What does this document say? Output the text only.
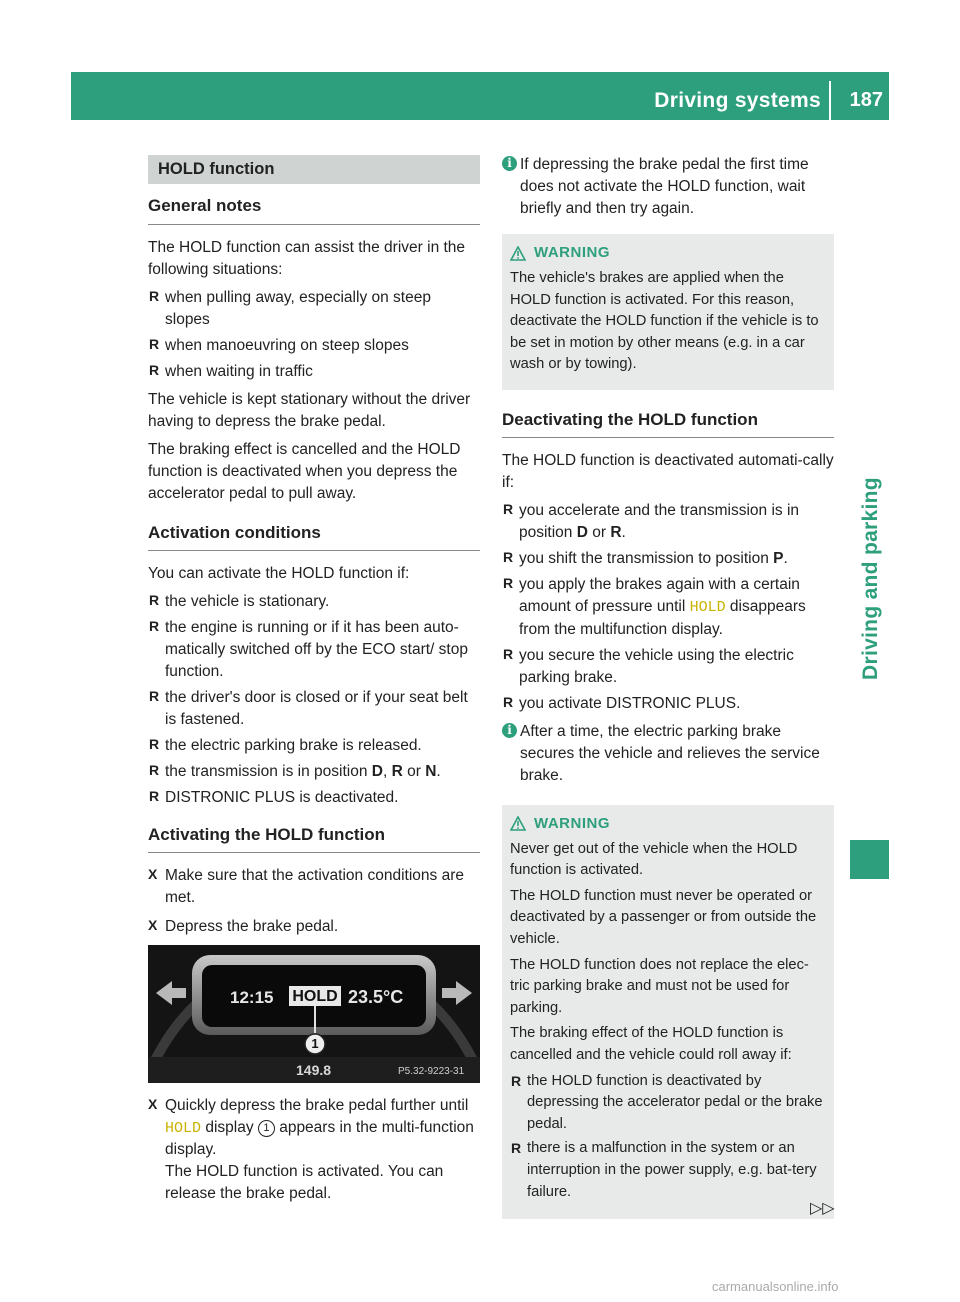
Driving systems 187
Driving and parking
HOLD function
General notes

The HOLD function can assist the driver in the following situations:

R when pulling away, especially on steep slopes
R when manoeuvring on steep slopes
R when waiting in traffic

The vehicle is kept stationary without the driver having to depress the brake pedal.

The braking effect is cancelled and the HOLD function is deactivated when you depress the accelerator pedal to pull away.

Activation conditions

You can activate the HOLD function if:

R the vehicle is stationary.
R the engine is running or if it has been auto-matically switched off by the ECO start/ stop function.
R the driver's door is closed or if your seat belt is fastened.
R the electric parking brake is released.
R the transmission is in position D, R or N.
R DISTRONIC PLUS is deactivated.
Activating the HOLD function
X Make sure that the activation conditions are met.
X Depress the brake pedal.
12:15 HOLD 23.5°C
1
149.8	P5.32-9223-31
X Quickly depress the brake pedal further until HOLD display 1 appears in the multi-function display.
The HOLD function is activated. You can release the brake pedal.
i If depressing the brake pedal the first time does not activate the HOLD function, wait briefly and then try again.
WARNING

The vehicle's brakes are applied when the HOLD function is activated. For this reason, deactivate the HOLD function if the vehicle is to be set in motion by other means (e.g. in a car wash or by towing).

Deactivating the HOLD function

The HOLD function is deactivated automati-cally if:

R you accelerate and the transmission is in position D or R.
R you shift the transmission to position P.
R you apply the brakes again with a certain amount of pressure until HOLD disappears from the multifunction display.
R you secure the vehicle using the electric parking brake.
R you activate DISTRONIC PLUS.
i After a time, the electric parking brake secures the vehicle and relieves the service brake.
WARNING

Never get out of the vehicle when the HOLD function is activated.

The HOLD function must never be operated or deactivated by a passenger or from outside the vehicle.

The HOLD function does not replace the elec-tric parking brake and must not be used for parking.

The braking effect of the HOLD function is cancelled and the vehicle could roll away if:

R the HOLD function is deactivated by depressing the accelerator pedal or the brake pedal.
R there is a malfunction in the system or an interruption in the power supply, e.g. bat-tery failure.
▷▷
carmanualsonline.info
